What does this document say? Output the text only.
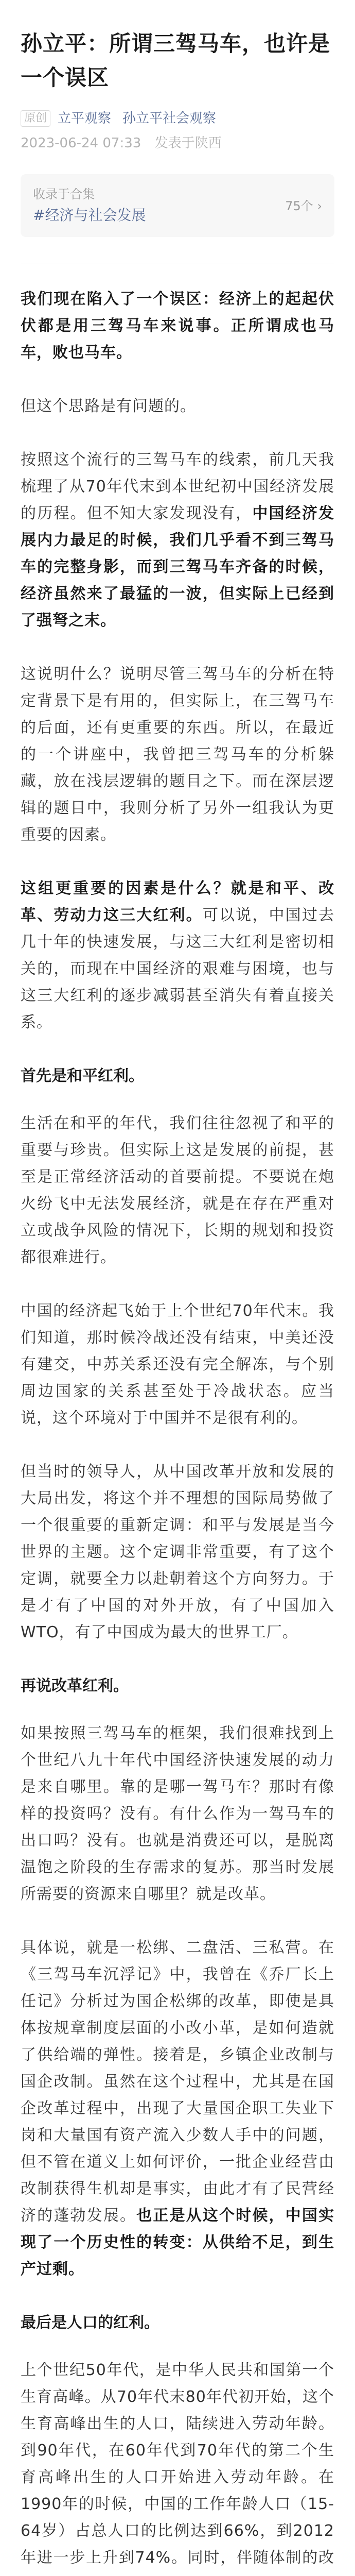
孙立平：所谓三驾马车，也许是一个误区
原创 立平观察 孙立平社会观察
2023-06-24 07:33 发表于陕西
收录于合集
#经济与社会发展
75个 ›

我们现在陷入了一个误区：经济上的起起伏伏都是用三驾马车来说事。正所谓成也马车，败也马车。

但这个思路是有问题的。

按照这个流行的三驾马车的线索，前几天我梳理了从70年代末到本世纪初中国经济发展的历程。但不知大家发现没有，中国经济发展内力最足的时候，我们几乎看不到三驾马车的完整身影，而到三驾马车齐备的时候，经济虽然来了最猛的一波，但实际上已经到了强弩之末。

这说明什么？说明尽管三驾马车的分析在特定背景下是有用的，但实际上，在三驾马车的后面，还有更重要的东西。所以，在最近的一个讲座中，我曾把三驾马车的分析躲藏，放在浅层逻辑的题目之下。而在深层逻辑的题目中，我则分析了另外一组我认为更重要的因素。

这组更重要的因素是什么？就是和平、改革、劳动力这三大红利。可以说，中国过去几十年的快速发展，与这三大红利是密切相关的，而现在中国经济的艰难与困境，也与这三大红利的逐步减弱甚至消失有着直接关系。

首先是和平红利。

生活在和平的年代，我们往往忽视了和平的重要与珍贵。但实际上这是发展的前提，甚至是正常经济活动的首要前提。不要说在炮火纷飞中无法发展经济，就是在存在严重对立或战争风险的情况下，长期的规划和投资都很难进行。

中国的经济起飞始于上个世纪70年代末。我们知道，那时候冷战还没有结束，中美还没有建交，中苏关系还没有完全解冻，与个别周边国家的关系甚至处于冷战状态。应当说，这个环境对于中国并不是很有利的。

但当时的领导人，从中国改革开放和发展的大局出发，将这个并不理想的国际局势做了一个很重要的重新定调：和平与发展是当今世界的主题。这个定调非常重要，有了这个定调，就要全力以赴朝着这个方向努力。于是才有了中国的对外开放，有了中国加入WTO，有了中国成为最大的世界工厂。

再说改革红利。

如果按照三驾马车的框架，我们很难找到上个世纪八九十年代中国经济快速发展的动力是来自哪里。靠的是哪一驾马车？那时有像样的投资吗？没有。有什么作为一驾马车的出口吗？没有。也就是消费还可以，是脱离温饱之阶段的生存需求的复苏。那当时发展所需要的资源来自哪里？就是改革。

具体说，就是一松绑、二盘活、三私营。在《三驾马车沉浮记》中，我曾在《乔厂长上任记》分析过为国企松绑的改革，即使是具体按规章制度层面的小改小革，是如何造就了供给端的弹性。接着是，乡镇企业改制与国企改制。虽然在这个过程中，尤其是在国企改革过程中，出现了大量国企职工失业下岗和大量国有资产流入少数人手中的问题，但不管在道义上如何评价，一批企业经营由改制获得生机却是事实，由此才有了民营经济的蓬勃发展。也正是从这个时候，中国实现了一个历史性的转变：从供给不足，到生产过剩。

最后是人口的红利。

上个世纪50年代，是中华人民共和国第一个生育高峰。从70年代末80年代初开始，这个生育高峰出生的人口，陆续进入劳动年龄。到90年代，在60年代到70年代的第二个生育高峰出生的人口开始进入劳动年龄。在1990年的时候，中国的工作年龄人口（15-64岁）占总人口的比例达到66%，到2012年进一步上升到74%。同时，伴随体制的改
